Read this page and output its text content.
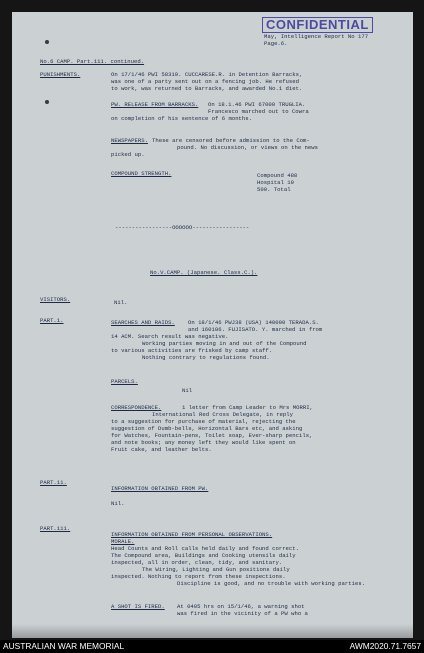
CONFIDENTIAL
May, Intelligence Report No 177
Page.6.
No.6 CAMP. Part.111. continued.
PUNISHMENTS.	On 17/1/46 PWI 58319. CUCCARESE.R. in Detention Barracks,
was one of a party sent out on a fencing job. He refused
to work, was returned to Barracks, and awarded No.1 diet.
PW. RELEASE FROM BARRACKS. On 18.1.46 PWI 67000 TRUGLIA.
Francesco marched out to Cowra
on completion of his sentence of 6 months.
NEWSPAPERS. These are censored before admission to the Com-
pound. No discussion, or views on the news
picked up.
COMPOUND STRENGTH.	Compound 488
Hospital 19
500. Total
-----------------OOOOOO-----------------
No.V.CAMP. (Japanese. Class.C.).
VISITORS.	Nil.
PART.1.	SEARCHES AND RAIDS. On 18/1/46 PWJ38 (USA) 140000 TERADA.S.
and 160106. FUJISATO. Y. marched in from
14 ACM. Search result was negative.
Working parties moving in and out of the Compound
to various activities are frisked by camp staff.
Nothing contrary to regulations found.
PARCELS.
Nil
CORRESPONDENCE.	1 letter from Camp Leader to Mrs MORRI,
International Red Cross Delegate, in reply
to a suggestion for purchase of material, rejecting the
suggestion of Dumb-bells, Horizontal Bars etc, and asking
for Watches, Fountain-pens, Toilet soap, Ever-sharp pencils,
and note books; any money left they would like spent on
Fruit cake, and leather belts.
PART.11.
INFORMATION OBTAINED FROM PW.
Nil.
PART.111.
INFORMATION OBTAINED FROM PERSONAL OBSERVATIONS.
MORALE.
Head Counts and Roll calls held daily and found correct.
The Compound area, Buildings and Cooking utensils daily
inspected, all in order, clean, tidy, and sanitary.
The Wiring, Lighting and Gun positions daily
inspected. Nothing to report from these inspections.
Discipline is good, and no trouble with working parties.
A SHOT IS FIRED. At 0405 hrs on 15/1/46, a warning shot
was fired in the vicinity of a PW who a
AUSTRALIAN WAR MEMORIAL	AWM2020.71.7657
